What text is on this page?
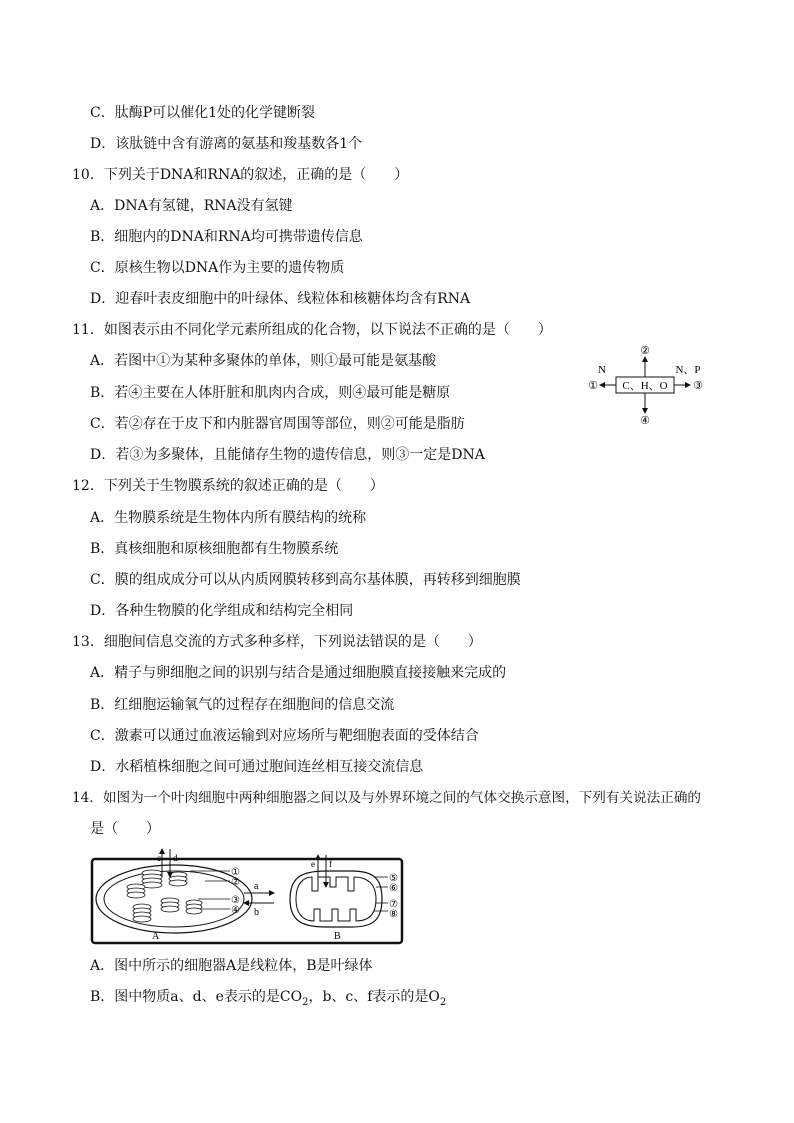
C．肽酶P可以催化1处的化学键断裂
D．该肽链中含有游离的氨基和羧基数各1个
10．下列关于DNA和RNA的叙述，正确的是（　　）
A．DNA有氢键，RNA没有氢键
B．细胞内的DNA和RNA均可携带遗传信息
C．原核生物以DNA作为主要的遗传物质
D．迎春叶表皮细胞中的叶绿体、线粒体和核糖体均含有RNA
11．如图表示由不同化学元素所组成的化合物，以下说法不正确的是（　　）
A．若图中①为某种多聚体的单体，则①最可能是氨基酸
B．若④主要在人体肝脏和肌肉内合成，则④最可能是糖原
C．若②存在于皮下和内脏器官周围等部位，则②可能是脂肪
D．若③为多聚体，且能储存生物的遗传信息，则③一定是DNA
12．下列关于生物膜系统的叙述正确的是（　　）
A．生物膜系统是生物体内所有膜结构的统称
B．真核细胞和原核细胞都有生物膜系统
C．膜的组成成分可以从内质网膜转移到高尔基体膜，再转移到细胞膜
D．各种生物膜的化学组成和结构完全相同
13．细胞间信息交流的方式多种多样，下列说法错误的是（　　）
A．精子与卵细胞之间的识别与结合是通过细胞膜直接接触来完成的
B．红细胞运输氧气的过程存在细胞间的信息交流
C．激素可以通过血液运输到对应场所与靶细胞表面的受体结合
D．水稻植株细胞之间可通过胞间连丝相互接交流信息
14．如图为一个叶肉细胞中两种细胞器之间以及与外界环境之间的气体交换示意图，下列有关说法正确的
是（　　）
A．图中所示的细胞器A是线粒体，B是叶绿体
B．图中物质a、d、e表示的是$CO_2$，b、c、f表示的是$O_2$
C、H、O
②
④
①	③
N	N、P
c d
①
②
③
④
A
a
b
e f
⑤
⑥
⑦
⑧
B
